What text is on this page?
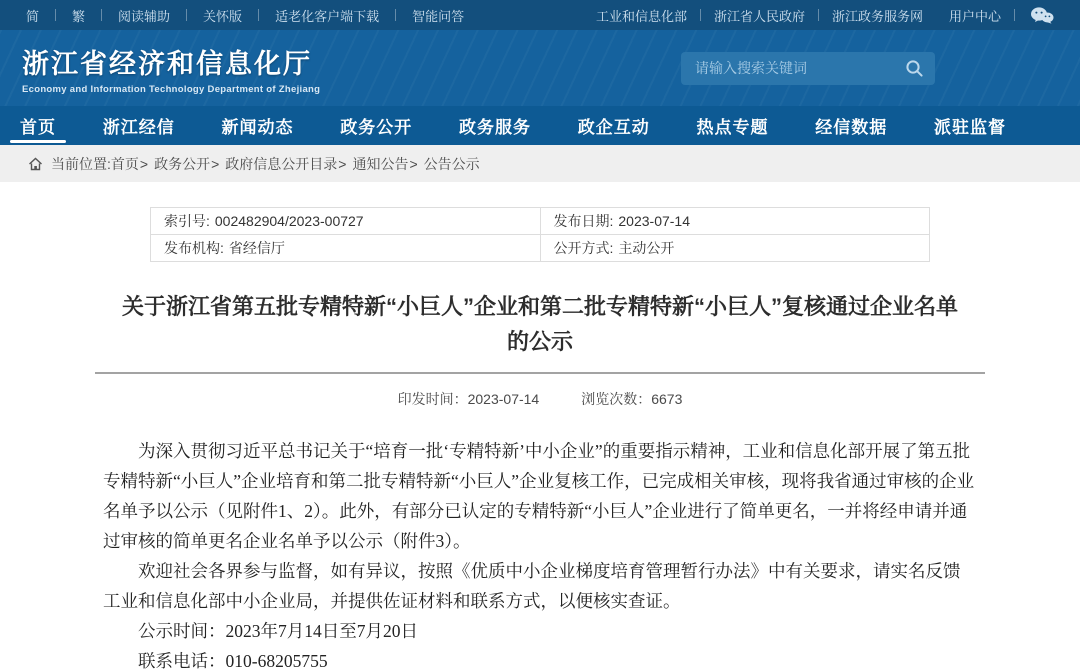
简	繁	阅读辅助	关怀版	适老化客户端下载	智能问答	工业和信息化部 浙江省人民政府 浙江政务服务网 用户中心
浙江省经济和信息化厅
Economy and Information Technology Department of Zhejiang
请输入搜索关键词
首页	浙江经信	新闻动态	政务公开	政务服务	政企互动	热点专题	经信数据	派驻监督
当前位置: 首页 > 政务公开 > 政府信息公开目录 > 通知公告 > 公告公示
索引号: 002482904/2023-00727	发布日期: 2023-07-14
发布机构: 省经信厅	公开方式: 主动公开
关于浙江省第五批专精特新“小巨人”企业和第二批专精特新“小巨人”复核通过企业名单的公示
印发时间：2023-07-14	浏览次数：6673

为深入贯彻习近平总书记关于“培育一批‘专精特新’中小企业”的重要指示精神，工业和信息化部开展了第五批专精特新“小巨人”企业培育和第二批专精特新“小巨人”企业复核工作，已完成相关审核，现将我省通过审核的企业名单予以公示（见附件1、2）。此外，有部分已认定的专精特新“小巨人”企业进行了简单更名，一并将经申请并通过审核的简单更名企业名单予以公示（附件3）。

欢迎社会各界参与监督，如有异议，按照《优质中小企业梯度培育管理暂行办法》中有关要求，请实名反馈工业和信息化部中小企业局，并提供佐证材料和联系方式，以便核实查证。

公示时间：2023年7月14日至7月20日

联系电话：010-68205755
